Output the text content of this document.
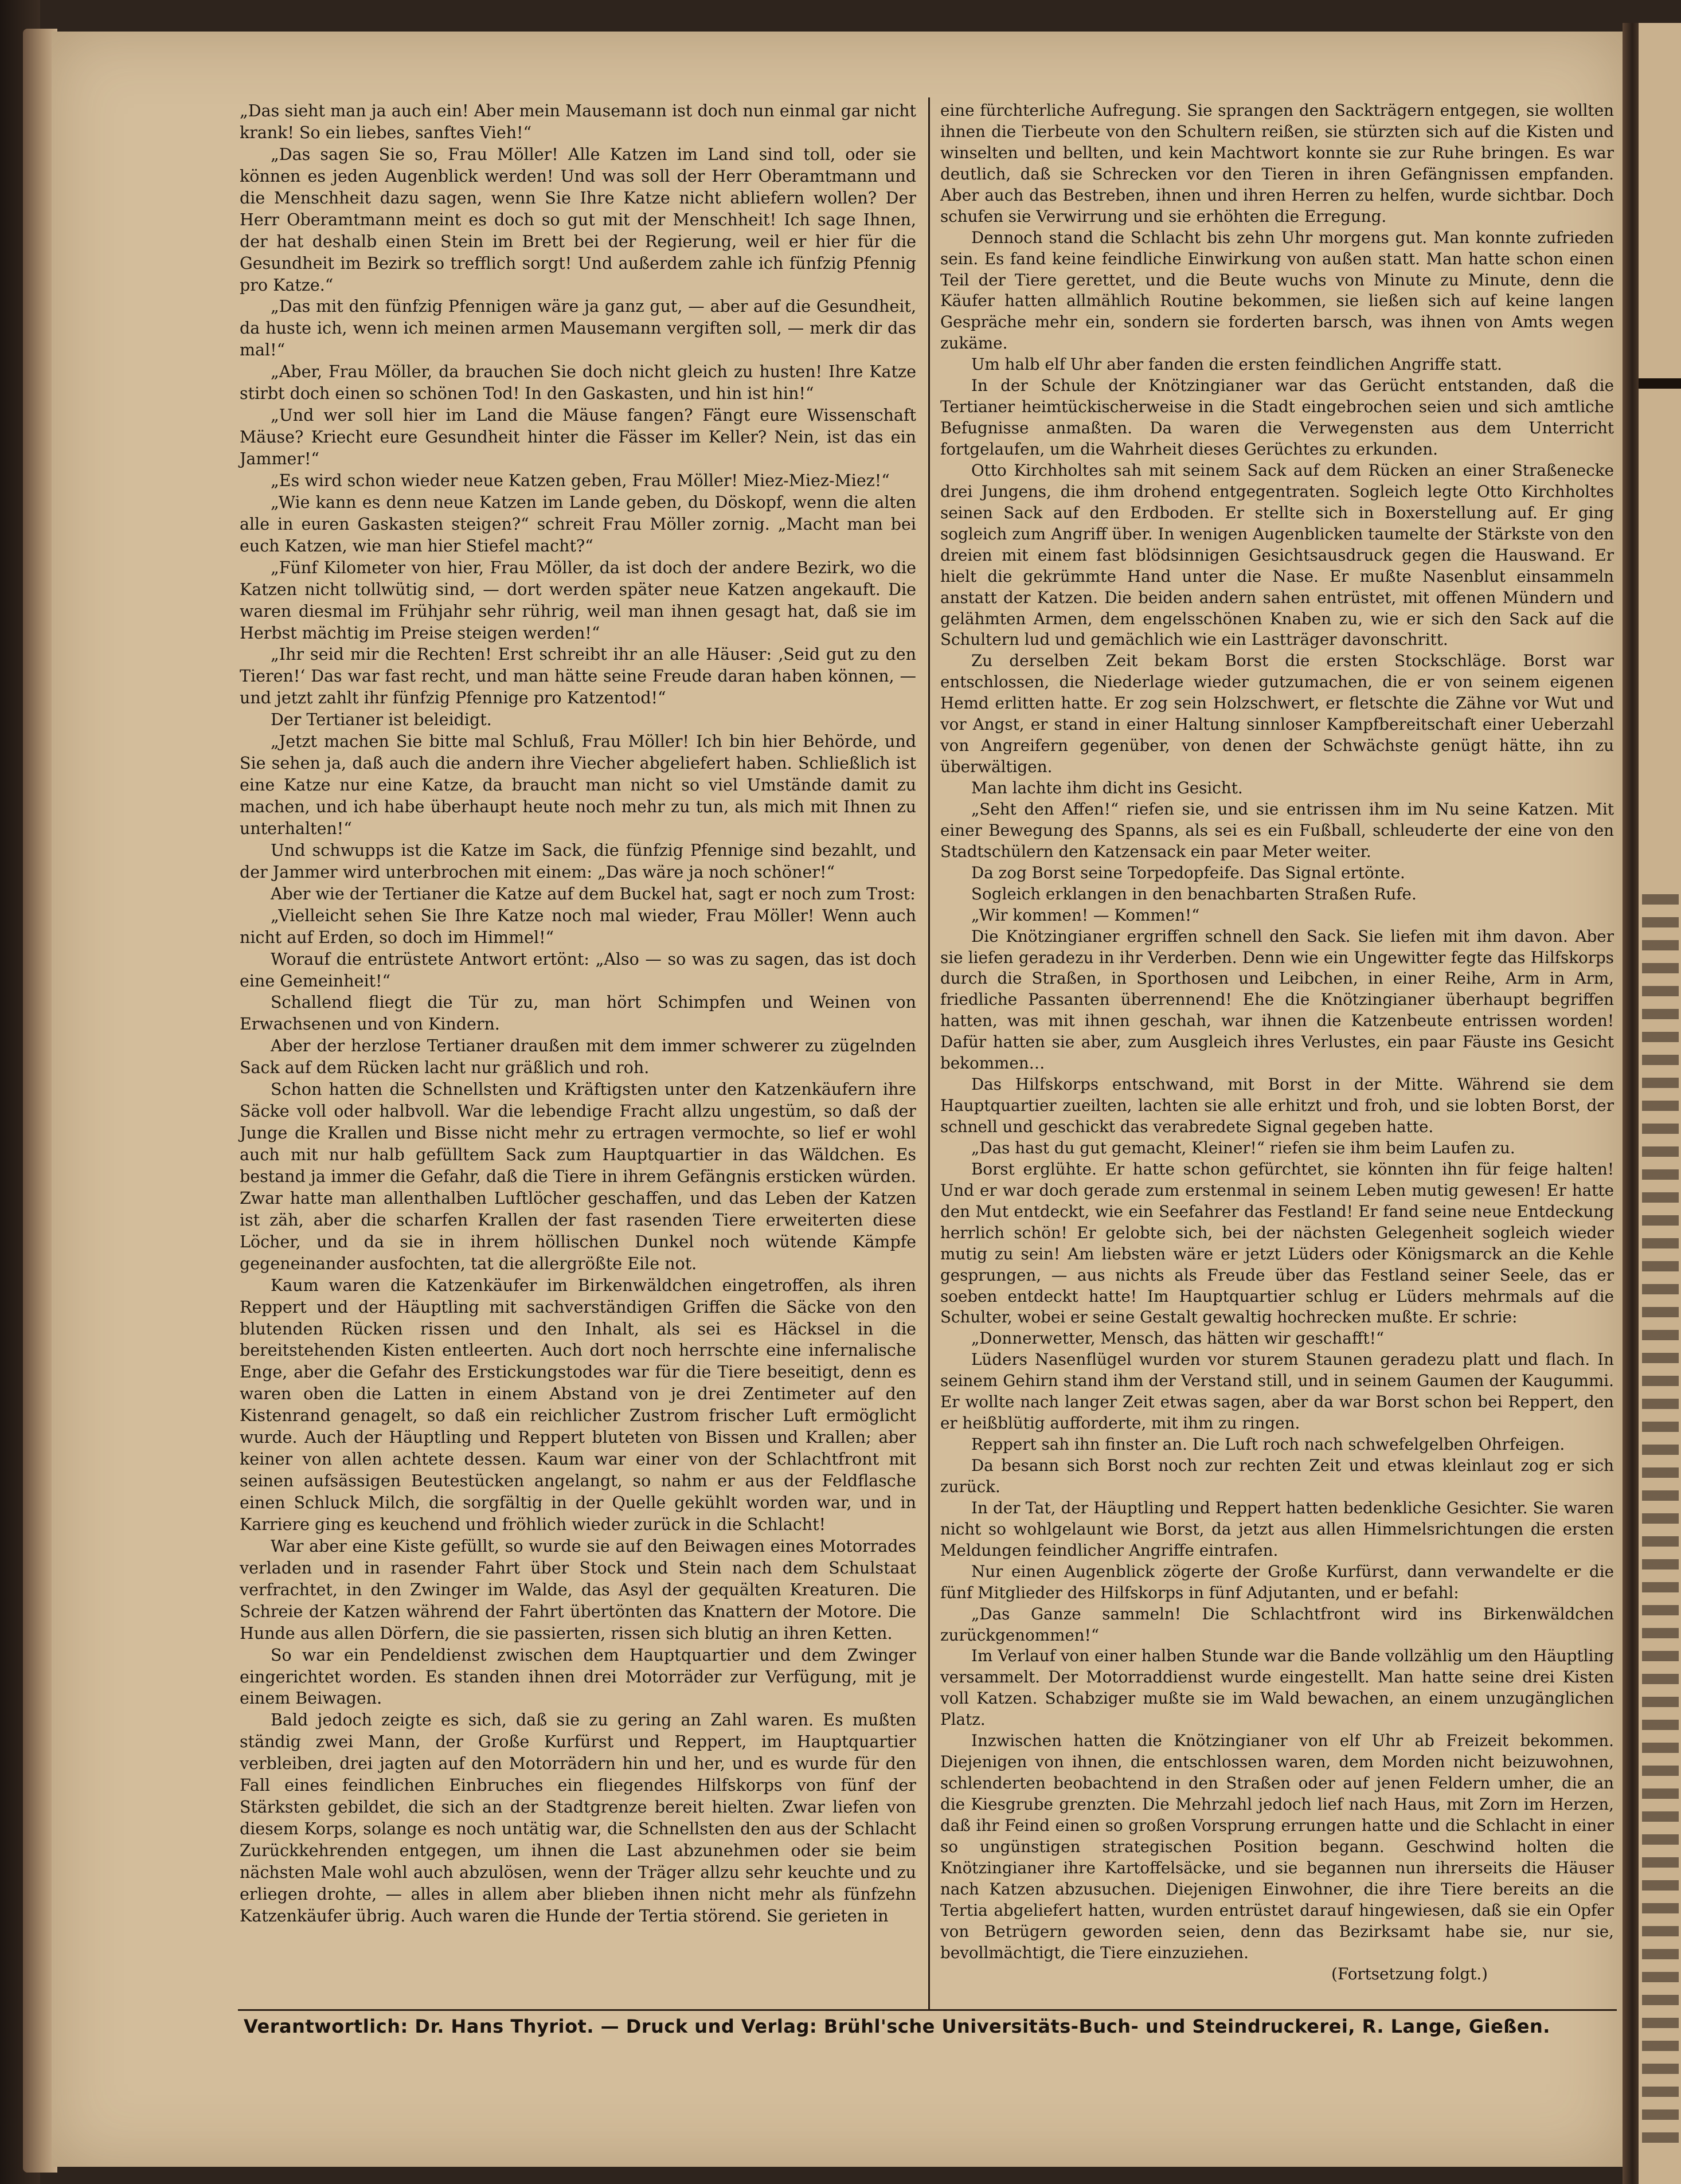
„Das sieht man ja auch ein! Aber mein Mausemann ist doch nun einmal gar nicht krank! So ein liebes, sanftes Vieh!“

„Das sagen Sie so, Frau Möller! Alle Katzen im Land sind toll, oder sie können es jeden Augenblick werden! Und was soll der Herr Oberamtmann und die Menschheit dazu sagen, wenn Sie Ihre Katze nicht abliefern wollen? Der Herr Oberamtmann meint es doch so gut mit der Menschheit! Ich sage Ihnen, der hat deshalb einen Stein im Brett bei der Regierung, weil er hier für die Gesundheit im Bezirk so trefflich sorgt! Und außerdem zahle ich fünfzig Pfennig pro Katze.“

„Das mit den fünfzig Pfennigen wäre ja ganz gut, — aber auf die Gesundheit, da huste ich, wenn ich meinen armen Mausemann vergiften soll, — merk dir das mal!“

„Aber, Frau Möller, da brauchen Sie doch nicht gleich zu husten! Ihre Katze stirbt doch einen so schönen Tod! In den Gaskasten, und hin ist hin!“

„Und wer soll hier im Land die Mäuse fangen? Fängt eure Wissenschaft Mäuse? Kriecht eure Gesundheit hinter die Fässer im Keller? Nein, ist das ein Jammer!“

„Es wird schon wieder neue Katzen geben, Frau Möller! Miez-Miez-Miez!“

„Wie kann es denn neue Katzen im Lande geben, du Döskopf, wenn die alten alle in euren Gaskasten steigen?“ schreit Frau Möller zornig. „Macht man bei euch Katzen, wie man hier Stiefel macht?“

„Fünf Kilometer von hier, Frau Möller, da ist doch der andere Bezirk, wo die Katzen nicht tollwütig sind, — dort werden später neue Katzen angekauft. Die waren diesmal im Frühjahr sehr rührig, weil man ihnen gesagt hat, daß sie im Herbst mächtig im Preise steigen werden!“

„Ihr seid mir die Rechten! Erst schreibt ihr an alle Häuser: ‚Seid gut zu den Tieren!‘ Das war fast recht, und man hätte seine Freude daran haben können, — und jetzt zahlt ihr fünfzig Pfennige pro Katzentod!“

Der Tertianer ist beleidigt.

„Jetzt machen Sie bitte mal Schluß, Frau Möller! Ich bin hier Behörde, und Sie sehen ja, daß auch die andern ihre Viecher abgeliefert haben. Schließlich ist eine Katze nur eine Katze, da braucht man nicht so viel Umstände damit zu machen, und ich habe überhaupt heute noch mehr zu tun, als mich mit Ihnen zu unterhalten!“

Und schwupps ist die Katze im Sack, die fünfzig Pfennige sind bezahlt, und der Jammer wird unterbrochen mit einem: „Das wäre ja noch schöner!“

Aber wie der Tertianer die Katze auf dem Buckel hat, sagt er noch zum Trost:

„Vielleicht sehen Sie Ihre Katze noch mal wieder, Frau Möller! Wenn auch nicht auf Erden, so doch im Himmel!“

Worauf die entrüstete Antwort ertönt: „Also — so was zu sagen, das ist doch eine Gemeinheit!“

Schallend fliegt die Tür zu, man hört Schimpfen und Weinen von Erwachsenen und von Kindern.

Aber der herzlose Tertianer draußen mit dem immer schwerer zu zügelnden Sack auf dem Rücken lacht nur gräßlich und roh.

Schon hatten die Schnellsten und Kräftigsten unter den Katzenkäufern ihre Säcke voll oder halbvoll. War die lebendige Fracht allzu ungestüm, so daß der Junge die Krallen und Bisse nicht mehr zu ertragen vermochte, so lief er wohl auch mit nur halb gefülltem Sack zum Hauptquartier in das Wäldchen. Es bestand ja immer die Gefahr, daß die Tiere in ihrem Gefängnis ersticken würden. Zwar hatte man allenthalben Luftlöcher geschaffen, und das Leben der Katzen ist zäh, aber die scharfen Krallen der fast rasenden Tiere erweiterten diese Löcher, und da sie in ihrem höllischen Dunkel noch wütende Kämpfe gegeneinander ausfochten, tat die allergrößte Eile not.

Kaum waren die Katzenkäufer im Birkenwäldchen eingetroffen, als ihren Reppert und der Häuptling mit sachverständigen Griffen die Säcke von den blutenden Rücken rissen und den Inhalt, als sei es Häcksel in die bereitstehenden Kisten entleerten. Auch dort noch herrschte eine infernalische Enge, aber die Gefahr des Erstickungstodes war für die Tiere beseitigt, denn es waren oben die Latten in einem Abstand von je drei Zentimeter auf den Kistenrand genagelt, so daß ein reichlicher Zustrom frischer Luft ermöglicht wurde. Auch der Häuptling und Reppert bluteten von Bissen und Krallen; aber keiner von allen achtete dessen. Kaum war einer von der Schlachtfront mit seinen aufsässigen Beutestücken angelangt, so nahm er aus der Feldflasche einen Schluck Milch, die sorgfältig in der Quelle gekühlt worden war, und in Karriere ging es keuchend und fröhlich wieder zurück in die Schlacht!

War aber eine Kiste gefüllt, so wurde sie auf den Beiwagen eines Motorrades verladen und in rasender Fahrt über Stock und Stein nach dem Schulstaat verfrachtet, in den Zwinger im Walde, das Asyl der gequälten Kreaturen. Die Schreie der Katzen während der Fahrt übertönten das Knattern der Motore. Die Hunde aus allen Dörfern, die sie passierten, rissen sich blutig an ihren Ketten.

So war ein Pendeldienst zwischen dem Hauptquartier und dem Zwinger eingerichtet worden. Es standen ihnen drei Motorräder zur Verfügung, mit je einem Beiwagen.

Bald jedoch zeigte es sich, daß sie zu gering an Zahl waren. Es mußten ständig zwei Mann, der Große Kurfürst und Reppert, im Hauptquartier verbleiben, drei jagten auf den Motorrädern hin und her, und es wurde für den Fall eines feindlichen Einbruches ein fliegendes Hilfskorps von fünf der Stärksten gebildet, die sich an der Stadtgrenze bereit hielten. Zwar liefen von diesem Korps, solange es noch untätig war, die Schnellsten den aus der Schlacht Zurückkehrenden entgegen, um ihnen die Last abzunehmen oder sie beim nächsten Male wohl auch abzulösen, wenn der Träger allzu sehr keuchte und zu erliegen drohte, — alles in allem aber blieben ihnen nicht mehr als fünfzehn Katzenkäufer übrig. Auch waren die Hunde der Tertia störend. Sie gerieten in

eine fürchterliche Aufregung. Sie sprangen den Sackträgern entgegen, sie wollten ihnen die Tierbeute von den Schultern reißen, sie stürzten sich auf die Kisten und winselten und bellten, und kein Machtwort konnte sie zur Ruhe bringen. Es war deutlich, daß sie Schrecken vor den Tieren in ihren Gefängnissen empfanden. Aber auch das Bestreben, ihnen und ihren Herren zu helfen, wurde sichtbar. Doch schufen sie Verwirrung und sie erhöhten die Erregung.

Dennoch stand die Schlacht bis zehn Uhr morgens gut. Man konnte zufrieden sein. Es fand keine feindliche Einwirkung von außen statt. Man hatte schon einen Teil der Tiere gerettet, und die Beute wuchs von Minute zu Minute, denn die Käufer hatten allmählich Routine bekommen, sie ließen sich auf keine langen Gespräche mehr ein, sondern sie forderten barsch, was ihnen von Amts wegen zukäme.

Um halb elf Uhr aber fanden die ersten feindlichen Angriffe statt.

In der Schule der Knötzingianer war das Gerücht entstanden, daß die Tertianer heimtückischerweise in die Stadt eingebrochen seien und sich amtliche Befugnisse anmaßten. Da waren die Verwegensten aus dem Unterricht fortgelaufen, um die Wahrheit dieses Gerüchtes zu erkunden.

Otto Kirchholtes sah mit seinem Sack auf dem Rücken an einer Straßenecke drei Jungens, die ihm drohend entgegentraten. Sogleich legte Otto Kirchholtes seinen Sack auf den Erdboden. Er stellte sich in Boxerstellung auf. Er ging sogleich zum Angriff über. In wenigen Augenblicken taumelte der Stärkste von den dreien mit einem fast blödsinnigen Gesichtsausdruck gegen die Hauswand. Er hielt die gekrümmte Hand unter die Nase. Er mußte Nasenblut einsammeln anstatt der Katzen. Die beiden andern sahen entrüstet, mit offenen Mündern und gelähmten Armen, dem engelsschönen Knaben zu, wie er sich den Sack auf die Schultern lud und gemächlich wie ein Lastträger davonschritt.

Zu derselben Zeit bekam Borst die ersten Stockschläge. Borst war entschlossen, die Niederlage wieder gutzumachen, die er von seinem eigenen Hemd erlitten hatte. Er zog sein Holzschwert, er fletschte die Zähne vor Wut und vor Angst, er stand in einer Haltung sinnloser Kampfbereitschaft einer Ueberzahl von Angreifern gegenüber, von denen der Schwächste genügt hätte, ihn zu überwältigen.

Man lachte ihm dicht ins Gesicht.

„Seht den Affen!“ riefen sie, und sie entrissen ihm im Nu seine Katzen. Mit einer Bewegung des Spanns, als sei es ein Fußball, schleuderte der eine von den Stadtschülern den Katzensack ein paar Meter weiter.

Da zog Borst seine Torpedopfeife. Das Signal ertönte.

Sogleich erklangen in den benachbarten Straßen Rufe.

„Wir kommen! — Kommen!“

Die Knötzingianer ergriffen schnell den Sack. Sie liefen mit ihm davon. Aber sie liefen geradezu in ihr Verderben. Denn wie ein Ungewitter fegte das Hilfskorps durch die Straßen, in Sporthosen und Leibchen, in einer Reihe, Arm in Arm, friedliche Passanten überrennend! Ehe die Knötzingianer überhaupt begriffen hatten, was mit ihnen geschah, war ihnen die Katzenbeute entrissen worden! Dafür hatten sie aber, zum Ausgleich ihres Verlustes, ein paar Fäuste ins Gesicht bekommen…

Das Hilfskorps entschwand, mit Borst in der Mitte. Während sie dem Hauptquartier zueilten, lachten sie alle erhitzt und froh, und sie lobten Borst, der schnell und geschickt das verabredete Signal gegeben hatte.

„Das hast du gut gemacht, Kleiner!“ riefen sie ihm beim Laufen zu.

Borst erglühte. Er hatte schon gefürchtet, sie könnten ihn für feige halten! Und er war doch gerade zum erstenmal in seinem Leben mutig gewesen! Er hatte den Mut entdeckt, wie ein Seefahrer das Festland! Er fand seine neue Entdeckung herrlich schön! Er gelobte sich, bei der nächsten Gelegenheit sogleich wieder mutig zu sein! Am liebsten wäre er jetzt Lüders oder Königsmarck an die Kehle gesprungen, — aus nichts als Freude über das Festland seiner Seele, das er soeben entdeckt hatte! Im Hauptquartier schlug er Lüders mehrmals auf die Schulter, wobei er seine Gestalt gewaltig hochrecken mußte. Er schrie:

„Donnerwetter, Mensch, das hätten wir geschafft!“

Lüders Nasenflügel wurden vor sturem Staunen geradezu platt und flach. In seinem Gehirn stand ihm der Verstand still, und in seinem Gaumen der Kaugummi. Er wollte nach langer Zeit etwas sagen, aber da war Borst schon bei Reppert, den er heißblütig aufforderte, mit ihm zu ringen.

Reppert sah ihn finster an. Die Luft roch nach schwefelgelben Ohrfeigen.

Da besann sich Borst noch zur rechten Zeit und etwas kleinlaut zog er sich zurück.

In der Tat, der Häuptling und Reppert hatten bedenkliche Gesichter. Sie waren nicht so wohlgelaunt wie Borst, da jetzt aus allen Himmelsrichtungen die ersten Meldungen feindlicher Angriffe eintrafen.

Nur einen Augenblick zögerte der Große Kurfürst, dann verwandelte er die fünf Mitglieder des Hilfskorps in fünf Adjutanten, und er befahl:

„Das Ganze sammeln! Die Schlachtfront wird ins Birkenwäldchen zurückgenommen!“

Im Verlauf von einer halben Stunde war die Bande vollzählig um den Häuptling versammelt. Der Motorraddienst wurde eingestellt. Man hatte seine drei Kisten voll Katzen. Schabziger mußte sie im Wald bewachen, an einem unzugänglichen Platz.

Inzwischen hatten die Knötzingianer von elf Uhr ab Freizeit bekommen. Diejenigen von ihnen, die entschlossen waren, dem Morden nicht beizuwohnen, schlenderten beobachtend in den Straßen oder auf jenen Feldern umher, die an die Kiesgrube grenzten. Die Mehrzahl jedoch lief nach Haus, mit Zorn im Herzen, daß ihr Feind einen so großen Vorsprung errungen hatte und die Schlacht in einer so ungünstigen strategischen Position begann. Geschwind holten die Knötzingianer ihre Kartoffelsäcke, und sie begannen nun ihrerseits die Häuser nach Katzen abzusuchen. Diejenigen Einwohner, die ihre Tiere bereits an die Tertia abgeliefert hatten, wurden entrüstet darauf hingewiesen, daß sie ein Opfer von Betrügern geworden seien, denn das Bezirksamt habe sie, nur sie, bevollmächtigt, die Tiere einzuziehen.

(Fortsetzung folgt.)

Verantwortlich: Dr. Hans Thyriot. — Druck und Verlag: Brühl'sche Universitäts-Buch- und Steindruckerei, R. Lange, Gießen.
